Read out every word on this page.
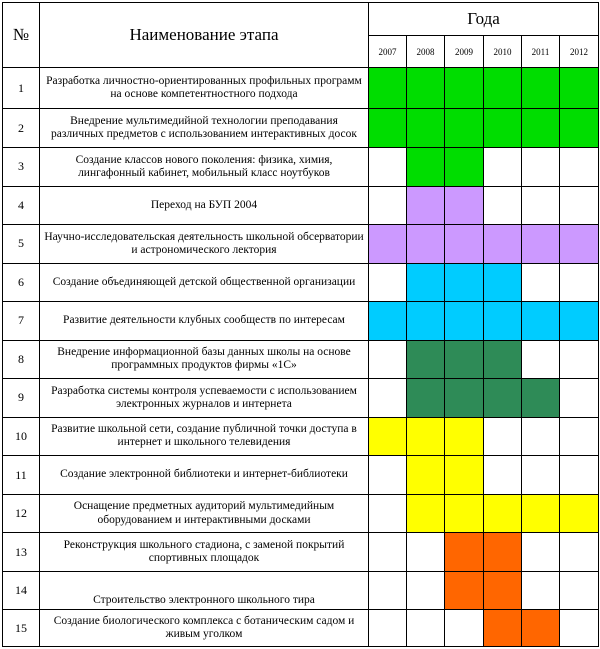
№	Наименование этапа	Года					
		2007	2008	2009	2010	2011	2012
1	Разработка личностно-ориентированных профильных программ на основе компетентностного подхода						
2	Внедрение мультимедийной технологии преподавания различных предметов с использованием интерактивных досок						
3	Создание классов нового поколения: физика, химия, лингафонный кабинет, мобильный класс ноутбуков						
4	Переход на БУП 2004						
5	Научно-исследовательская деятельность школьной обсерватории и астрономического лектория						
6	Создание объединяющей детской общественной организации						
7	Развитие деятельности клубных сообществ по интересам						
8	Внедрение информационной базы данных школы на основе программных продуктов фирмы «1С»						
9	Разработка системы контроля успеваемости с использованием электронных журналов и интернета						
10	Развитие школьной сети, создание публичной точки доступа в интернет и школьного телевидения						
11	Создание электронной библиотеки и интернет-библиотеки						
12	Оснащение предметных аудиторий мультимедийным оборудованием и интерактивными досками						
13	Реконструкция школьного стадиона, с заменой покрытий спортивных площадок						
14	Строительство электронного школьного тира						
15	Создание биологического комплекса с ботаническим садом и живым уголком						
